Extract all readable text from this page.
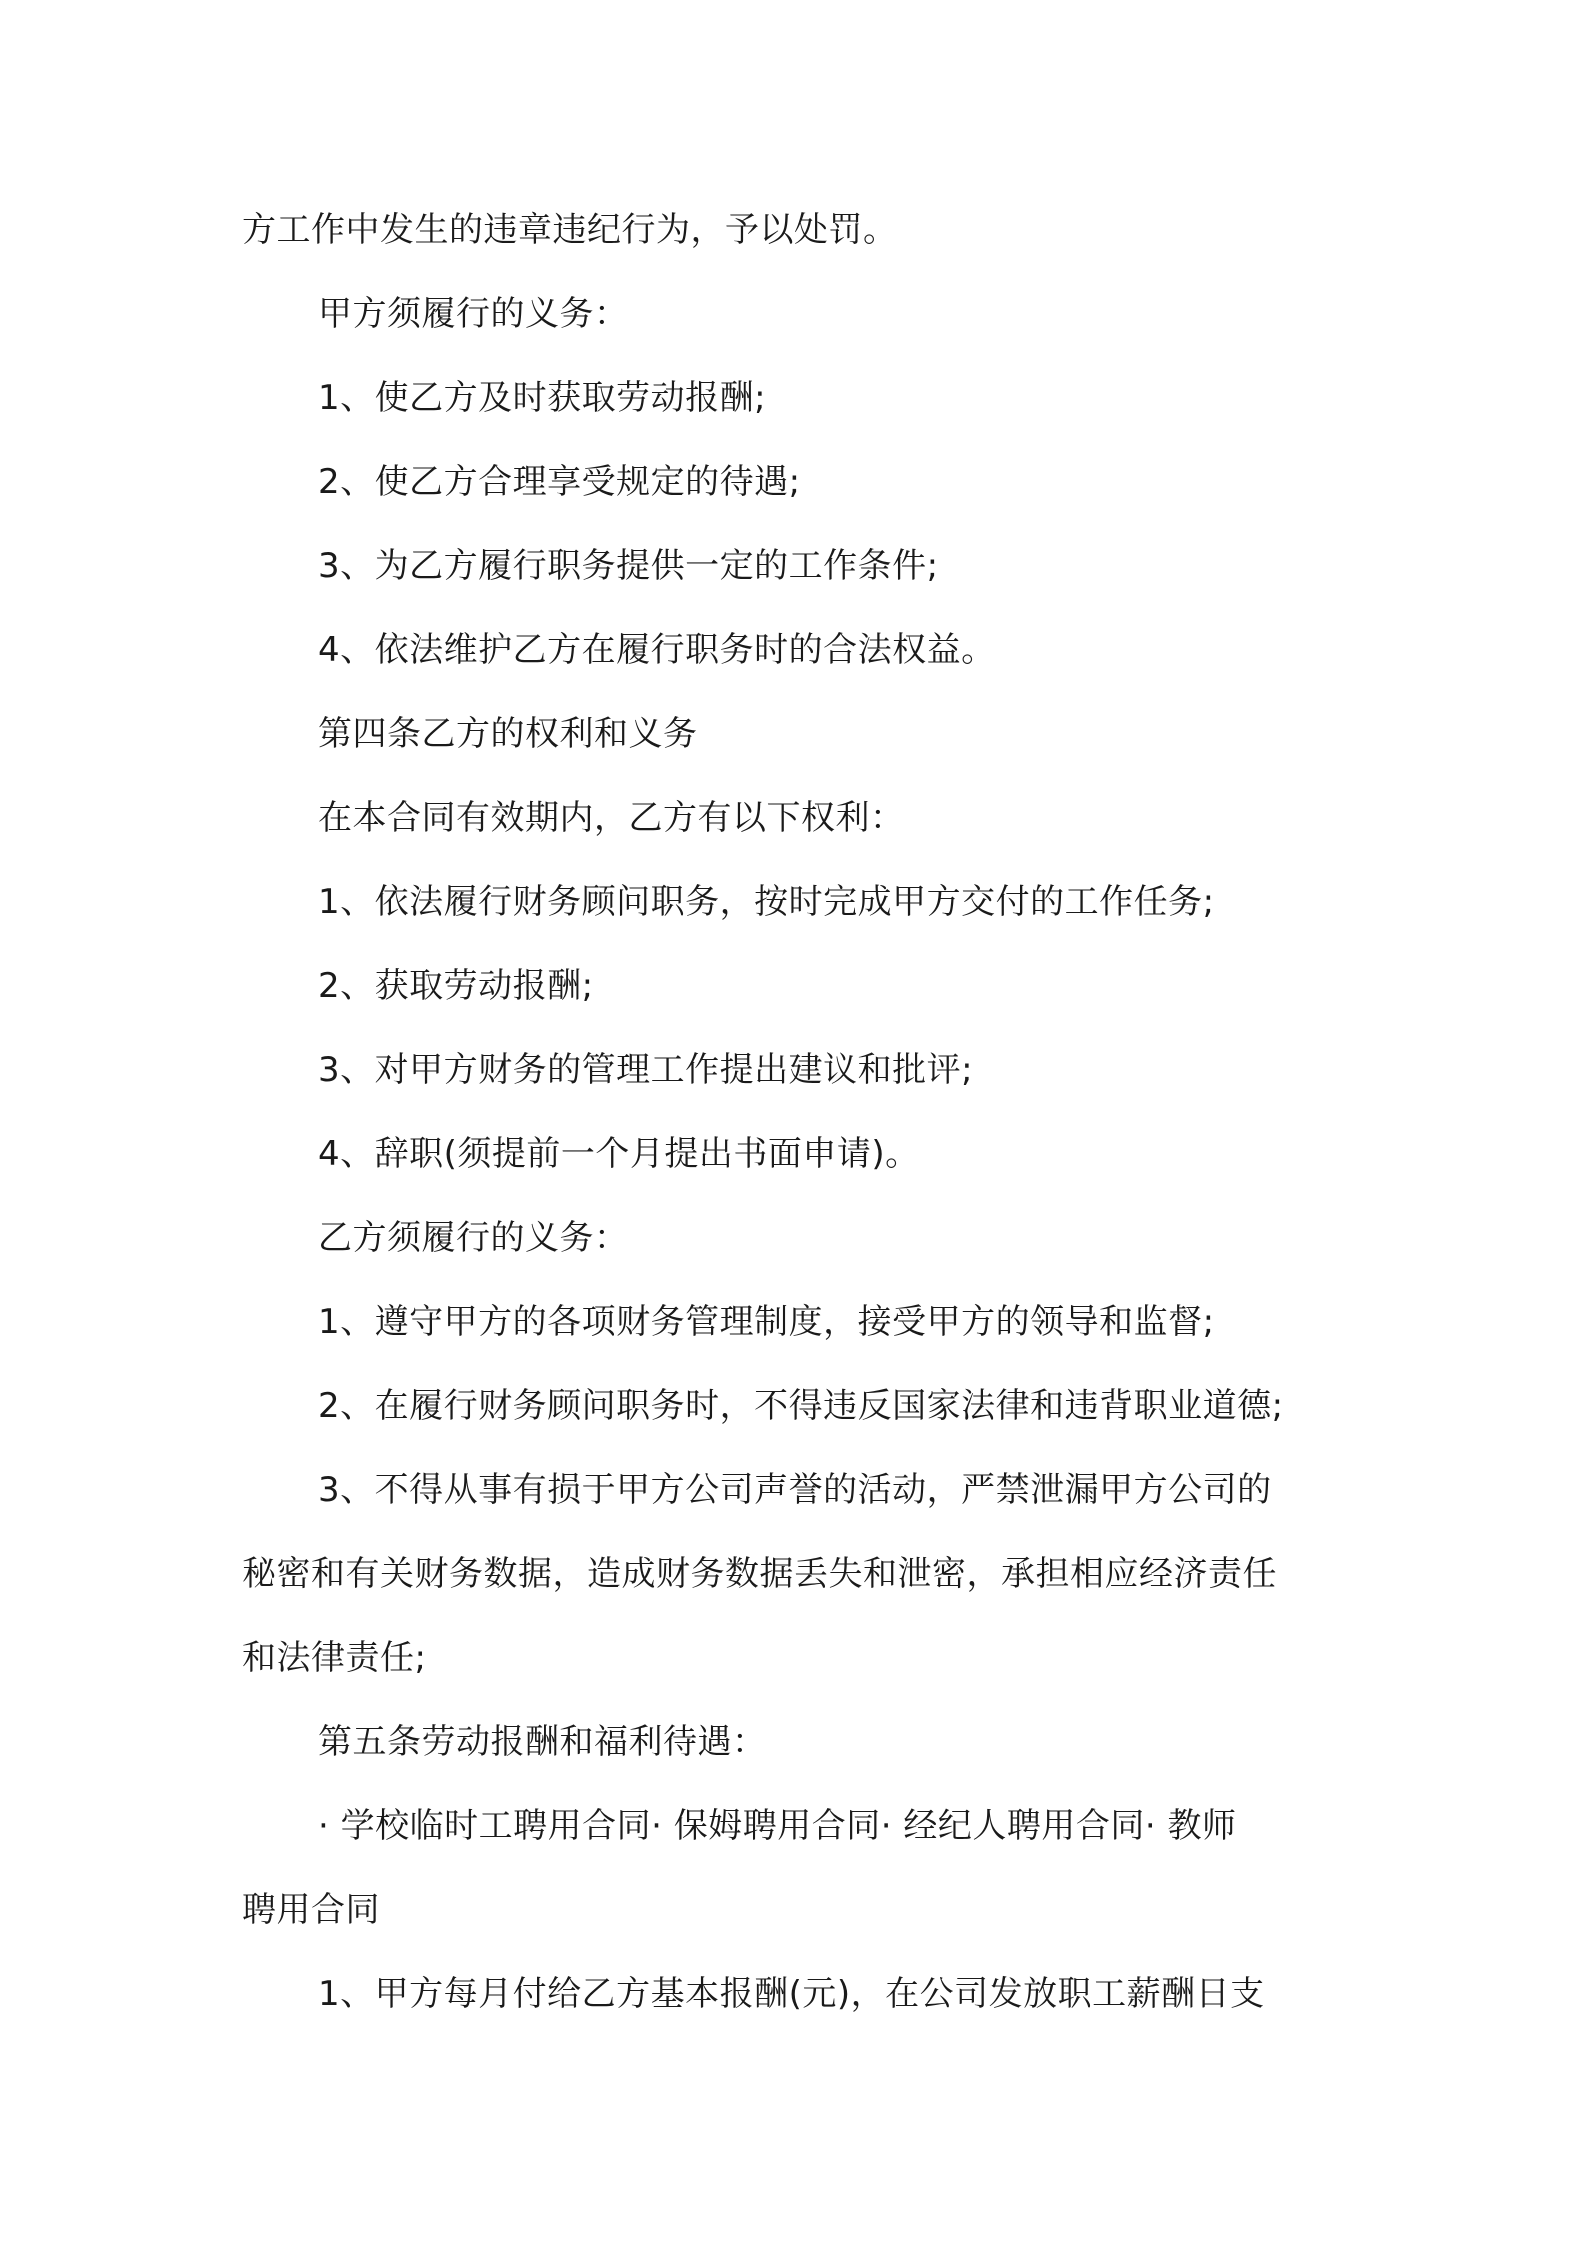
方工作中发生的违章违纪行为，予以处罚。
甲方须履行的义务：
1、使乙方及时获取劳动报酬;
2、使乙方合理享受规定的待遇;
3、为乙方履行职务提供一定的工作条件;
4、依法维护乙方在履行职务时的合法权益。
第四条乙方的权利和义务
在本合同有效期内，乙方有以下权利：
1、依法履行财务顾问职务，按时完成甲方交付的工作任务;
2、获取劳动报酬;
3、对甲方财务的管理工作提出建议和批评;
4、辞职(须提前一个月提出书面申请)。
乙方须履行的义务：
1、遵守甲方的各项财务管理制度，接受甲方的领导和监督;
2、在履行财务顾问职务时，不得违反国家法律和违背职业道德;
3、不得从事有损于甲方公司声誉的活动，严禁泄漏甲方公司的
秘密和有关财务数据，造成财务数据丢失和泄密，承担相应经济责任
和法律责任;
第五条劳动报酬和福利待遇：
· 学校临时工聘用合同· 保姆聘用合同· 经纪人聘用合同· 教师
聘用合同
1、甲方每月付给乙方基本报酬(元)，在公司发放职工薪酬日支
